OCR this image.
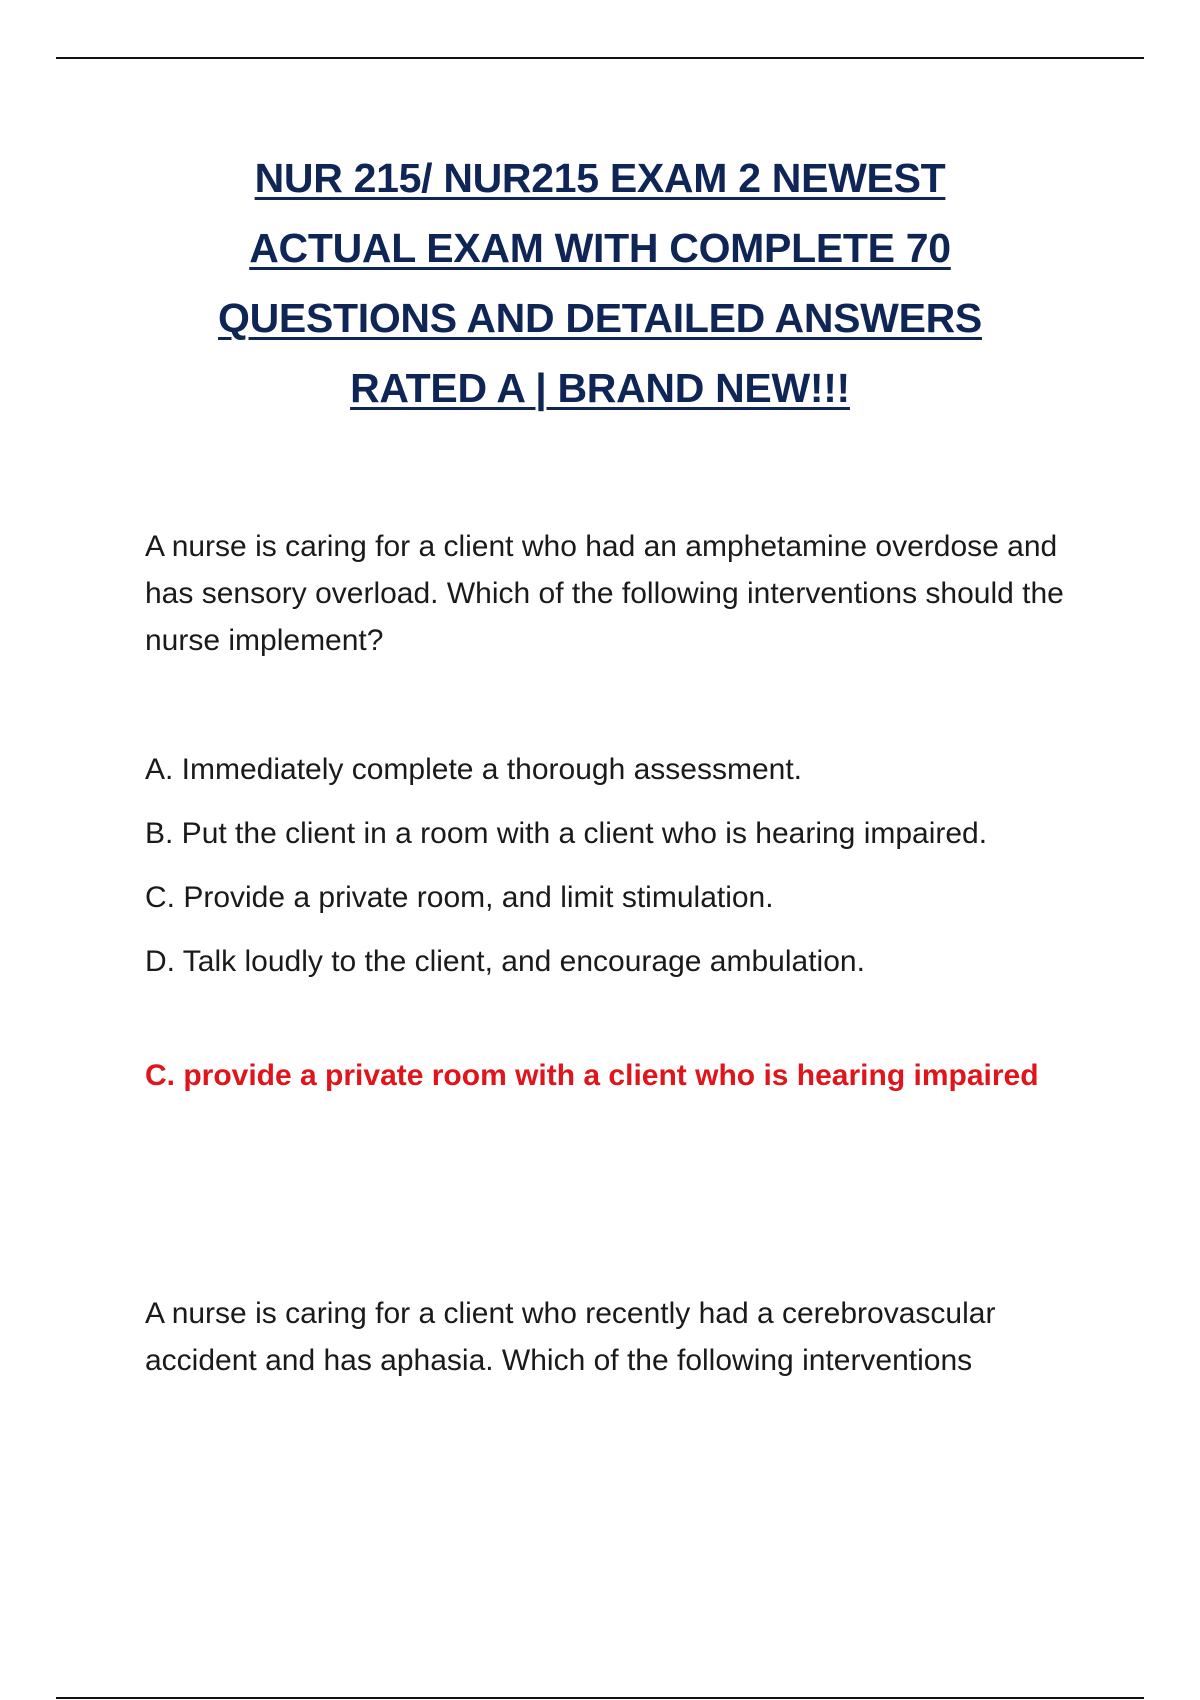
NUR 215/ NUR215 EXAM 2 NEWEST
ACTUAL EXAM WITH COMPLETE 70
QUESTIONS AND DETAILED ANSWERS
RATED A | BRAND NEW!!!
A nurse is caring for a client who had an amphetamine overdose and has sensory overload. Which of the following interventions should the nurse implement?
A. Immediately complete a thorough assessment.
B. Put the client in a room with a client who is hearing impaired.
C. Provide a private room, and limit stimulation.
D. Talk loudly to the client, and encourage ambulation.
C. provide a private room with a client who is hearing impaired
A nurse is caring for a client who recently had a cerebrovascular accident and has aphasia. Which of the following interventions
